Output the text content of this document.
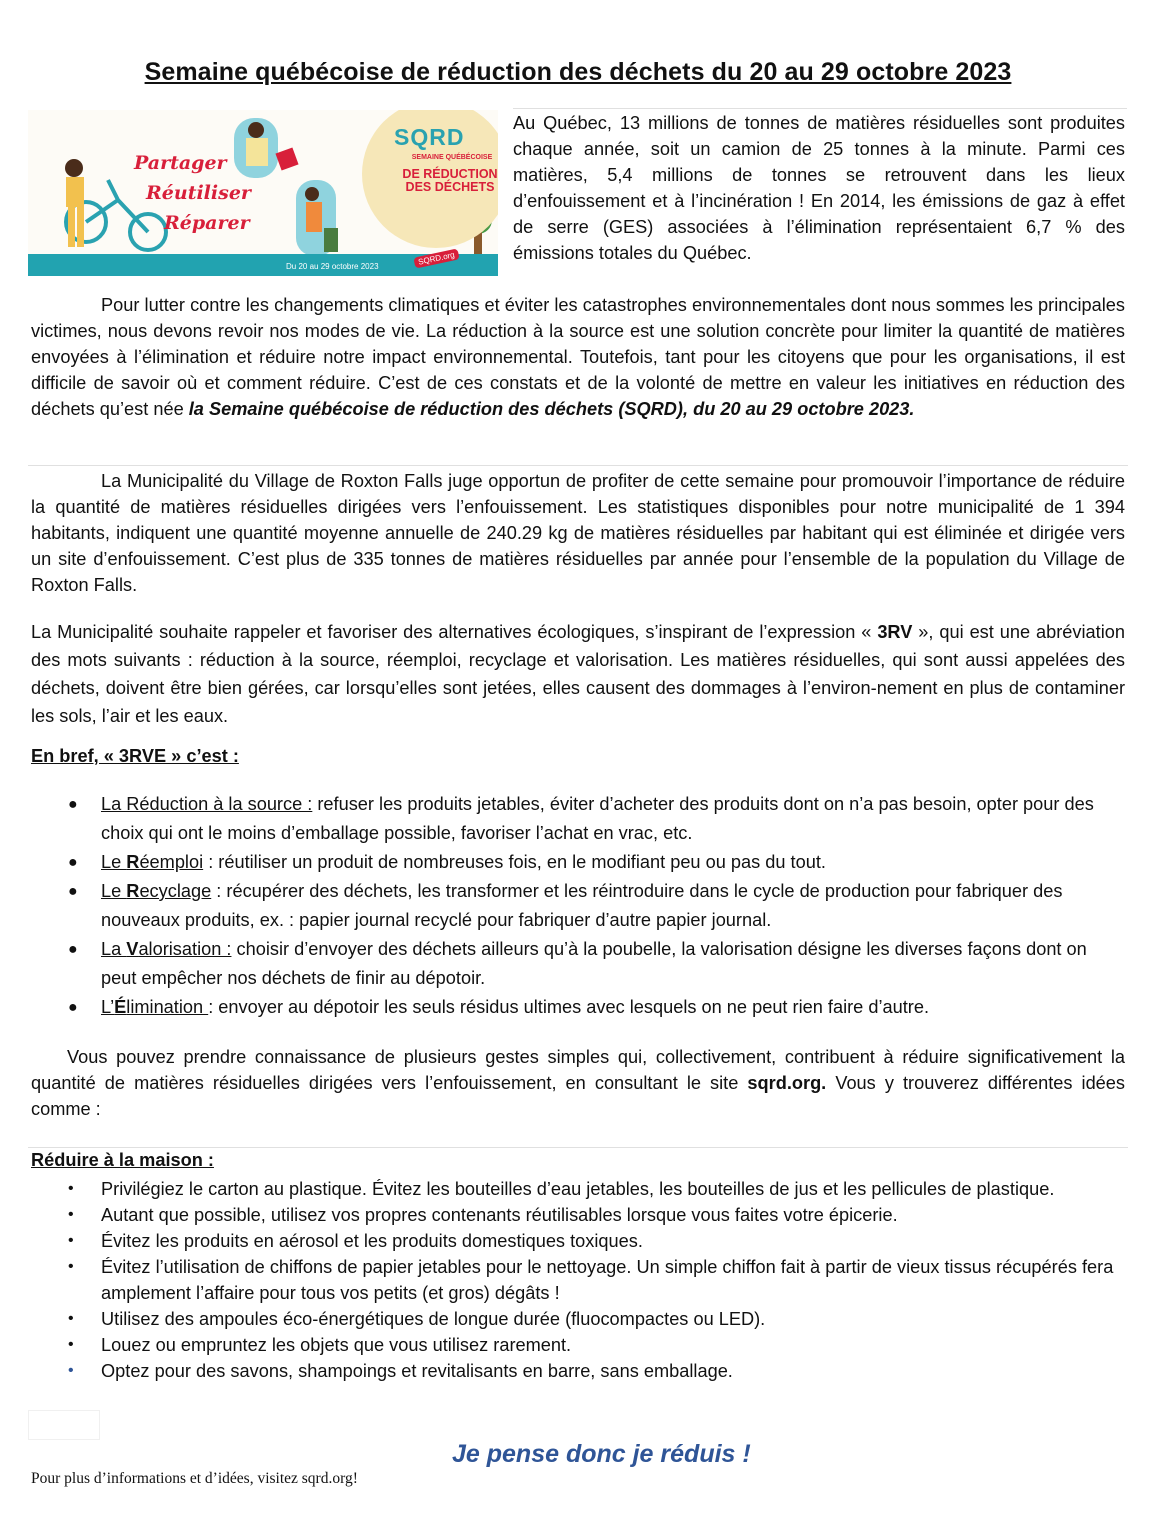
Semaine québécoise de réduction des déchets du 20 au 29 octobre 2023
SQRD
SEMAINE QUÉBÉCOISE
DE RÉDUCTION
DES DÉCHETS
Partager
Réutiliser
Réparer
Du 20 au 29 octobre 2023	SQRD.org

Au Québec, 13 millions de tonnes de matières résiduelles sont produites chaque année, soit un camion de 25 tonnes à la minute. Parmi ces matières, 5,4 millions de tonnes se retrouvent dans les lieux d’enfouissement et à l’incinération ! En 2014, les émissions de gaz à effet de serre (GES) associées à l’élimination représentaient 6,7 % des émissions totales du Québec.

Pour lutter contre les changements climatiques et éviter les catastrophes environnementales dont nous sommes les principales victimes, nous devons revoir nos modes de vie. La réduction à la source est une solution concrète pour limiter la quantité de matières envoyées à l’élimination et réduire notre impact environnemental. Toutefois, tant pour les citoyens que pour les organisations, il est difficile de savoir où et comment réduire. C’est de ces constats et de la volonté de mettre en valeur les initiatives en réduction des déchets qu’est née la Semaine québécoise de réduction des déchets (SQRD), du 20 au 29 octobre 2023.

La Municipalité du Village de Roxton Falls juge opportun de profiter de cette semaine pour promouvoir l’importance de réduire la quantité de matières résiduelles dirigées vers l’enfouissement. Les statistiques disponibles pour notre municipalité de 1 394 habitants, indiquent une quantité moyenne annuelle de 240.29 kg de matières résiduelles par habitant qui est éliminée et dirigée vers un site d’enfouissement. C’est plus de 335 tonnes de matières résiduelles par année pour l’ensemble de la population du Village de Roxton Falls.

La Municipalité souhaite rappeler et favoriser des alternatives écologiques, s’inspirant de l’expression « 3RV », qui est une abréviation des mots suivants : réduction à la source, réemploi, recyclage et valorisation. Les matières résiduelles, qui sont aussi appelées des déchets, doivent être bien gérées, car lorsqu’elles sont jetées, elles causent des dommages à l’environ-nement en plus de contaminer les sols, l’air et les eaux.

En bref, « 3RVE » c’est :
● La Réduction à la source : refuser les produits jetables, éviter d’acheter des produits dont on n’a pas besoin, opter pour des choix qui ont le moins d’emballage possible, favoriser l’achat en vrac, etc.
● Le Réemploi : réutiliser un produit de nombreuses fois, en le modifiant peu ou pas du tout.
● Le Recyclage : récupérer des déchets, les transformer et les réintroduire dans le cycle de production pour fabriquer des nouveaux produits, ex. : papier journal recyclé pour fabriquer d’autre papier journal.
● La Valorisation : choisir d’envoyer des déchets ailleurs qu’à la poubelle, la valorisation désigne les diverses façons dont on peut empêcher nos déchets de finir au dépotoir.
● L’Élimination : envoyer au dépotoir les seuls résidus ultimes avec lesquels on ne peut rien faire d’autre.

Vous pouvez prendre connaissance de plusieurs gestes simples qui, collectivement, contribuent à réduire significativement la quantité de matières résiduelles dirigées vers l’enfouissement, en consultant le site sqrd.org. Vous y trouverez différentes idées comme :

Réduire à la maison :
• Privilégiez le carton au plastique. Évitez les bouteilles d’eau jetables, les bouteilles de jus et les pellicules de plastique.
• Autant que possible, utilisez vos propres contenants réutilisables lorsque vous faites votre épicerie.
• Évitez les produits en aérosol et les produits domestiques toxiques.
• Évitez l’utilisation de chiffons de papier jetables pour le nettoyage. Un simple chiffon fait à partir de vieux tissus récupérés fera amplement l’affaire pour tous vos petits (et gros) dégâts !
• Utilisez des ampoules éco-énergétiques de longue durée (fluocompactes ou LED).
• Louez ou empruntez les objets que vous utilisez rarement.
• Optez pour des savons, shampoings et revitalisants en barre, sans emballage.
Je pense donc je réduis !
Pour plus d’informations et d’idées, visitez sqrd.org!
